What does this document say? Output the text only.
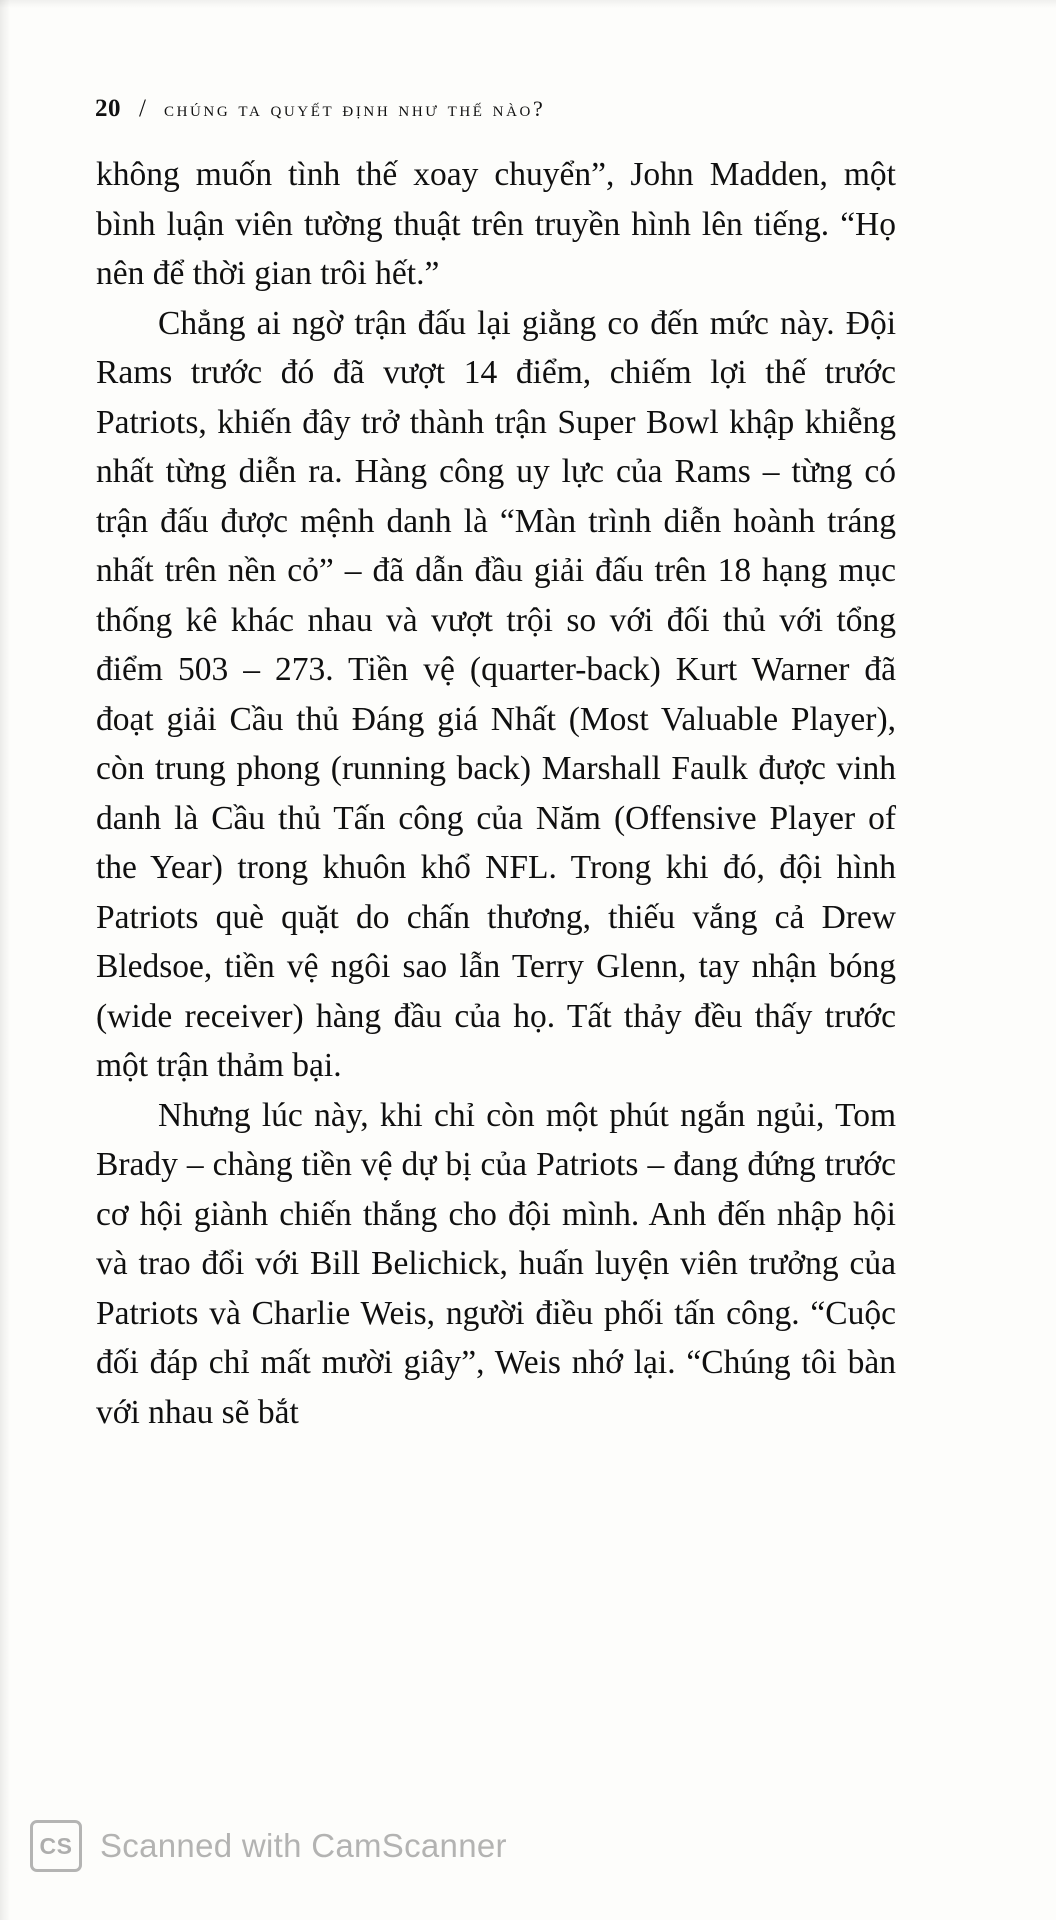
20 / chúng ta quyết định như thế nào?

không muốn tình thế xoay chuyển”, John Madden, một bình luận viên tường thuật trên truyền hình lên tiếng. “Họ nên để thời gian trôi hết.”

Chẳng ai ngờ trận đấu lại giằng co đến mức này. Đội Rams trước đó đã vượt 14 điểm, chiếm lợi thế trước Patriots, khiến đây trở thành trận Super Bowl khập khiễng nhất từng diễn ra. Hàng công uy lực của Rams – từng có trận đấu được mệnh danh là “Màn trình diễn hoành tráng nhất trên nền cỏ” – đã dẫn đầu giải đấu trên 18 hạng mục thống kê khác nhau và vượt trội so với đối thủ với tổng điểm 503 – 273. Tiền vệ (quarter-back) Kurt Warner đã đoạt giải Cầu thủ Đáng giá Nhất (Most Valuable Player), còn trung phong (running back) Marshall Faulk được vinh danh là Cầu thủ Tấn công của Năm (Offensive Player of the Year) trong khuôn khổ NFL. Trong khi đó, đội hình Patriots què quặt do chấn thương, thiếu vắng cả Drew Bledsoe, tiền vệ ngôi sao lẫn Terry Glenn, tay nhận bóng (wide receiver) hàng đầu của họ. Tất thảy đều thấy trước một trận thảm bại.

Nhưng lúc này, khi chỉ còn một phút ngắn ngủi, Tom Brady – chàng tiền vệ dự bị của Patriots – đang đứng trước cơ hội giành chiến thắng cho đội mình. Anh đến nhập hội và trao đổi với Bill Belichick, huấn luyện viên trưởng của Patriots và Charlie Weis, người điều phối tấn công. “Cuộc đối đáp chỉ mất mười giây”, Weis nhớ lại. “Chúng tôi bàn với nhau sẽ bắt

CS Scanned with CamScanner
